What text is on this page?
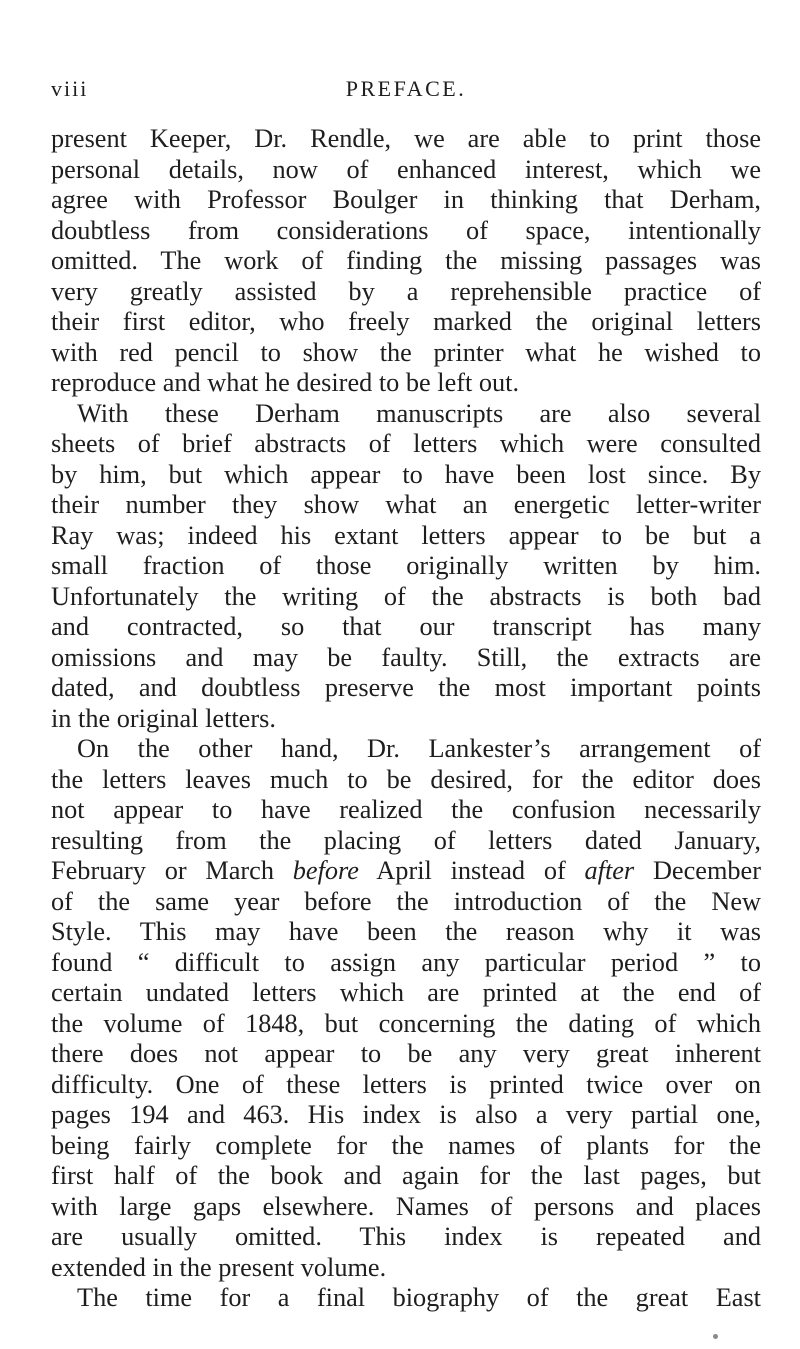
viii	PREFACE.
present Keeper, Dr. Rendle, we are able to print those
personal details, now of enhanced interest, which we
agree with Professor Boulger in thinking that Derham,
doubtless from considerations of space, intentionally
omitted. The work of finding the missing passages was
very greatly assisted by a reprehensible practice of
their first editor, who freely marked the original letters
with red pencil to show the printer what he wished to
reproduce and what he desired to be left out.
With these Derham manuscripts are also several
sheets of brief abstracts of letters which were consulted
by him, but which appear to have been lost since. By
their number they show what an energetic letter-writer
Ray was; indeed his extant letters appear to be but a
small fraction of those originally written by him.
Unfortunately the writing of the abstracts is both bad
and contracted, so that our transcript has many
omissions and may be faulty. Still, the extracts are
dated, and doubtless preserve the most important points
in the original letters.
On the other hand, Dr. Lankester’s arrangement of
the letters leaves much to be desired, for the editor does
not appear to have realized the confusion necessarily
resulting from the placing of letters dated January,
February or March before April instead of after December
of the same year before the introduction of the New
Style. This may have been the reason why it was
found “ difficult to assign any particular period ” to
certain undated letters which are printed at the end of
the volume of 1848, but concerning the dating of which
there does not appear to be any very great inherent
difficulty. One of these letters is printed twice over on
pages 194 and 463. His index is also a very partial one,
being fairly complete for the names of plants for the
first half of the book and again for the last pages, but
with large gaps elsewhere. Names of persons and places
are usually omitted. This index is repeated and
extended in the present volume.
The time for a final biography of the great East
